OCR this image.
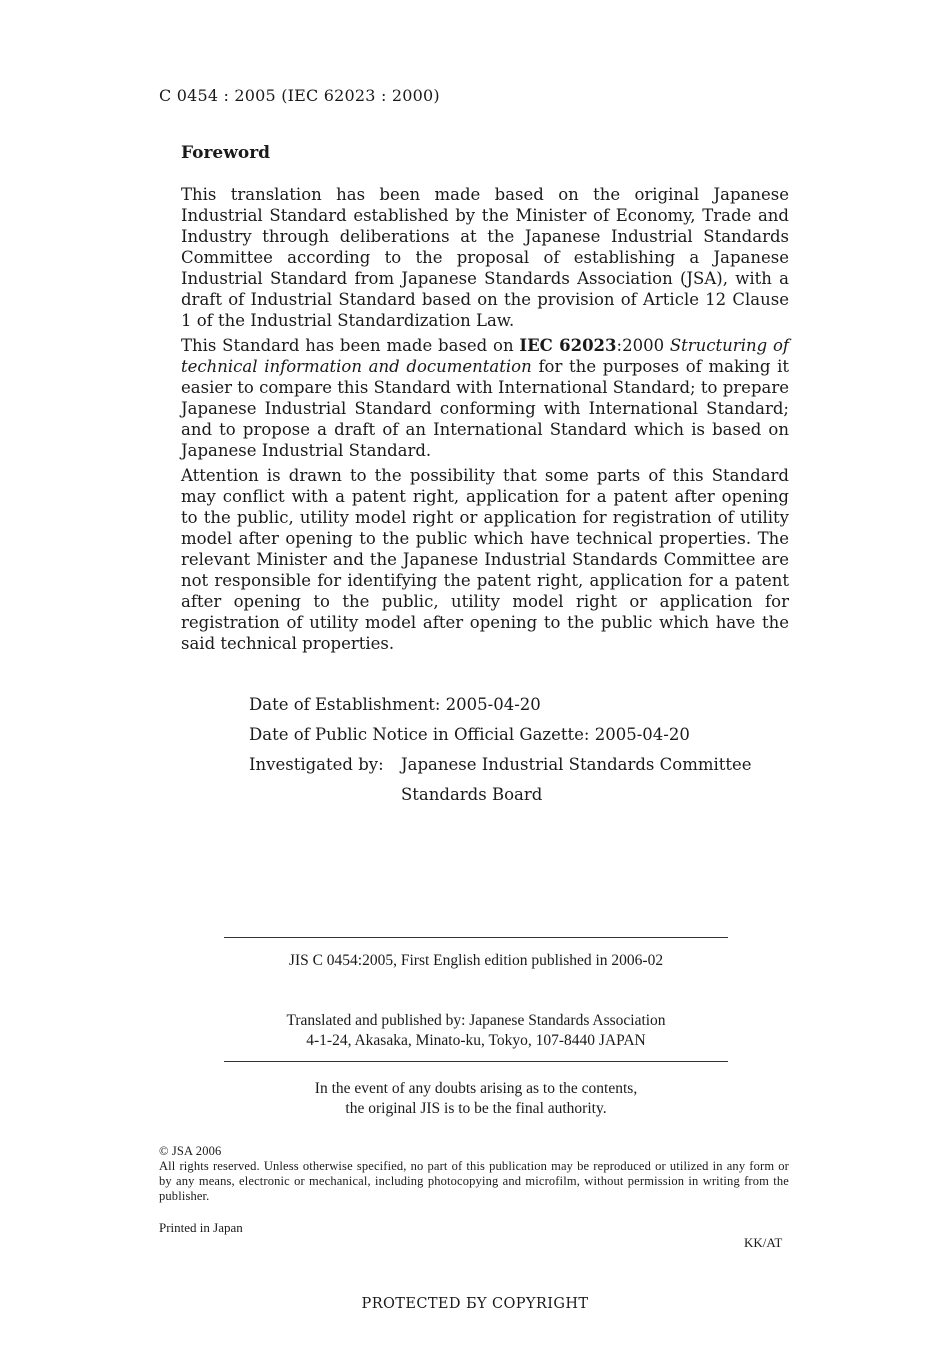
C 0454 : 2005 (IEC 62023 : 2000)
Foreword

This translation has been made based on the original Japanese Industrial Standard established by the Minister of Economy, Trade and Industry through deliberations at the Japanese Industrial Standards Committee according to the proposal of establishing a Japanese Industrial Standard from Japanese Standards Association (JSA), with a draft of Industrial Standard based on the provision of Article 12 Clause 1 of the Industrial Standardization Law.

This Standard has been made based on IEC 62023:2000 Structuring of technical information and documentation for the purposes of making it easier to compare this Standard with International Standard; to prepare Japanese Industrial Standard conforming with International Standard; and to propose a draft of an International Standard which is based on Japanese Industrial Standard.

Attention is drawn to the possibility that some parts of this Standard may conflict with a patent right, application for a patent after opening to the public, utility model right or application for registration of utility model after opening to the public which have technical properties. The relevant Minister and the Japanese Industrial Standards Committee are not responsible for identifying the patent right, application for a patent after opening to the public, utility model right or application for registration of utility model after opening to the public which have the said technical properties.

Date of Establishment: 2005-04-20
Date of Public Notice in Official Gazette: 2005-04-20
Investigated by:	Japanese Industrial Standards Committee
Standards Board
JIS C 0454:2005, First English edition published in 2006-02
Translated and published by: Japanese Standards Association
4-1-24, Akasaka, Minato-ku, Tokyo, 107-8440 JAPAN
In the event of any doubts arising as to the contents,
the original JIS is to be the final authority.
© JSA 2006
All rights reserved. Unless otherwise specified, no part of this publication may be reproduced or utilized in any form or by any means, electronic or mechanical, including photocopying and microfilm, without permission in writing from the publisher.
Printed in Japan
KK/AT
PROTECTED БY COPYRIGHT
